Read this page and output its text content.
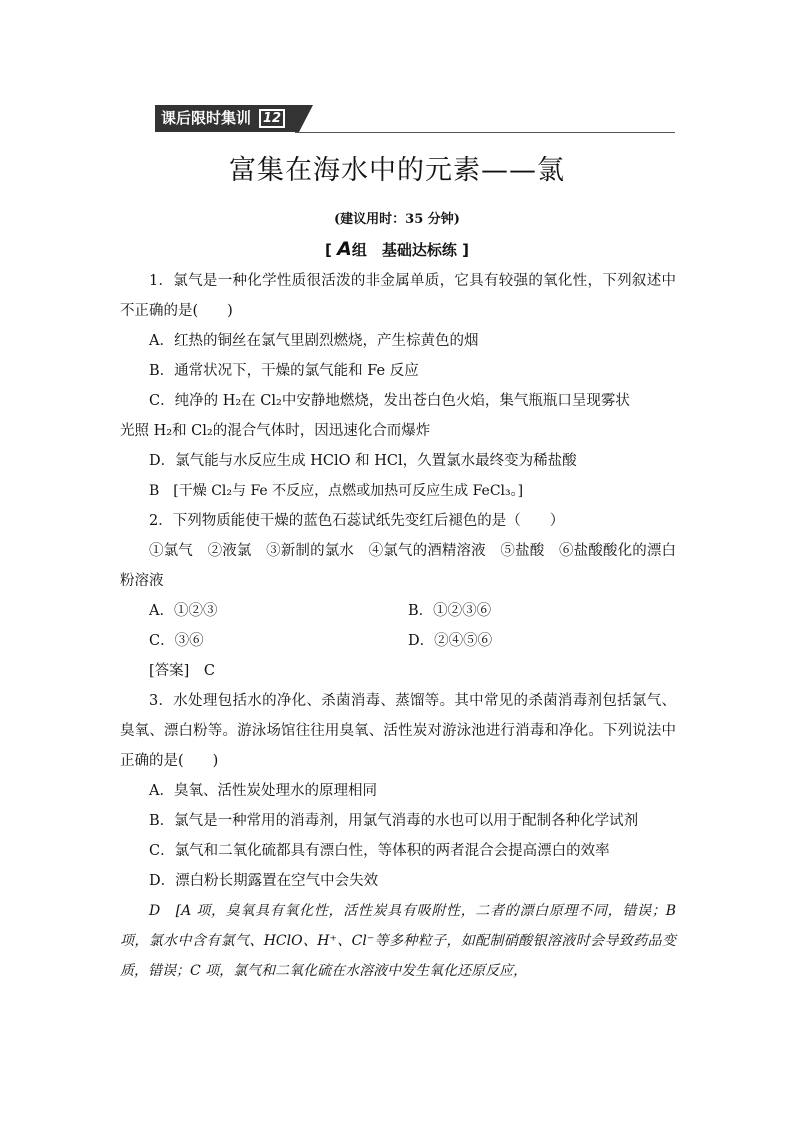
课后限时集训 12
富集在海水中的元素——氯
(建议用时：35 分钟)
[ A组　基础达标练 ]

1．氯气是一种化学性质很活泼的非金属单质，它具有较强的氧化性，下列叙述中不正确的是(　　)

A．红热的铜丝在氯气里剧烈燃烧，产生棕黄色的烟

B．通常状况下，干燥的氯气能和 Fe 反应

C．纯净的 H₂在 Cl₂中安静地燃烧，发出苍白色火焰，集气瓶瓶口呈现雾状

光照 H₂和 Cl₂的混合气体时，因迅速化合而爆炸

D．氯气能与水反应生成 HClO 和 HCl，久置氯水最终变为稀盐酸

B　[干燥 Cl₂与 Fe 不反应，点燃或加热可反应生成 FeCl₃。]

2．下列物质能使干燥的蓝色石蕊试纸先变红后褪色的是（　　）

①氯气　②液氯　③新制的氯水　④氯气的酒精溶液　⑤盐酸　⑥盐酸酸化的漂白粉溶液

A．①②③	B．①②③⑥
C．③⑥	D．②④⑤⑥

[答案]　C

3．水处理包括水的净化、杀菌消毒、蒸馏等。其中常见的杀菌消毒剂包括氯气、臭氧、漂白粉等。游泳场馆往往用臭氧、活性炭对游泳池进行消毒和净化。下列说法中正确的是(　　)

A．臭氧、活性炭处理水的原理相同

B．氯气是一种常用的消毒剂，用氯气消毒的水也可以用于配制各种化学试剂

C．氯气和二氧化硫都具有漂白性，等体积的两者混合会提高漂白的效率

D．漂白粉长期露置在空气中会失效

D　[A 项，臭氧具有氧化性，活性炭具有吸附性，二者的漂白原理不同，错误；B 项，氯水中含有氯气、HClO、H⁺、Cl⁻等多种粒子，如配制硝酸银溶液时会导致药品变质，错误；C 项，氯气和二氧化硫在水溶液中发生氧化还原反应，
